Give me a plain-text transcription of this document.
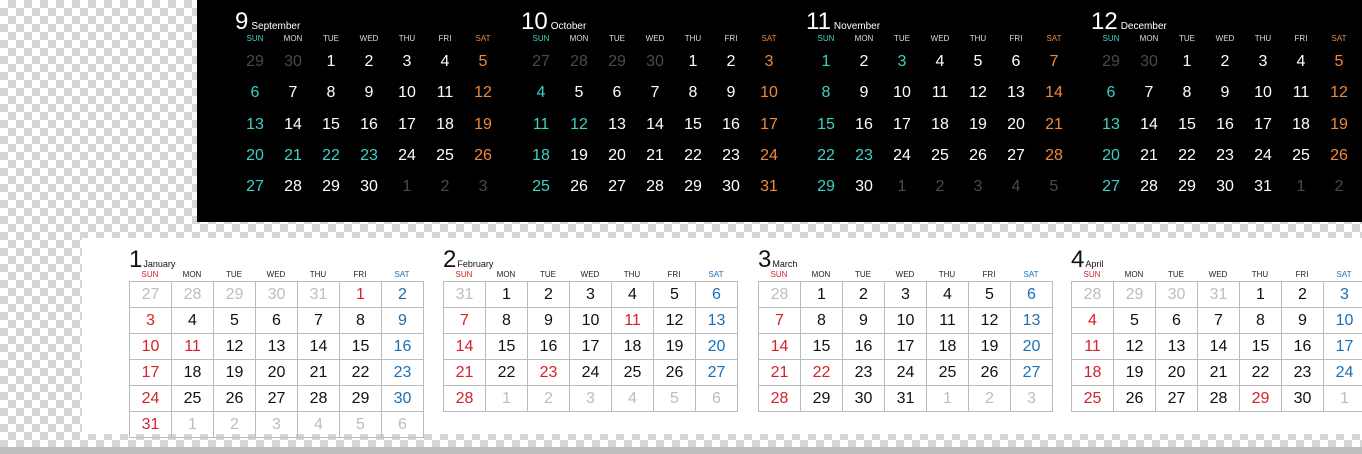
9 September
SUN	MON	TUE	WED	THU	FRI	SAT
29	30	1	2	3	4	5
6	7	8	9	10	11	12
13	14	15	16	17	18	19
20	21	22	23	24	25	26
27	28	29	30	1	2	3
10 October
SUN	MON	TUE	WED	THU	FRI	SAT
27	28	29	30	1	2	3
4	5	6	7	8	9	10
11	12	13	14	15	16	17
18	19	20	21	22	23	24
25	26	27	28	29	30	31
11 November
SUN	MON	TUE	WED	THU	FRI	SAT
1	2	3	4	5	6	7
8	9	10	11	12	13	14
15	16	17	18	19	20	21
22	23	24	25	26	27	28
29	30	1	2	3	4	5
12 December
SUN	MON	TUE	WED	THU	FRI	SAT
29	30	1	2	3	4	5
6	7	8	9	10	11	12
13	14	15	16	17	18	19
20	21	22	23	24	25	26
27	28	29	30	31	1	2
1January
SUN	MON	TUE	WED	THU	FRI	SAT
27	28	29	30	31	1	2
3	4	5	6	7	8	9
10	11	12	13	14	15	16
17	18	19	20	21	22	23
24	25	26	27	28	29	30
31	1	2	3	4	5	6
2February
SUN	MON	TUE	WED	THU	FRI	SAT
31	1	2	3	4	5	6
7	8	9	10	11	12	13
14	15	16	17	18	19	20
21	22	23	24	25	26	27
28	1	2	3	4	5	6
3March
SUN	MON	TUE	WED	THU	FRI	SAT
28	1	2	3	4	5	6
7	8	9	10	11	12	13
14	15	16	17	18	19	20
21	22	23	24	25	26	27
28	29	30	31	1	2	3
4April
SUN	MON	TUE	WED	THU	FRI	SAT
28	29	30	31	1	2	3
4	5	6	7	8	9	10
11	12	13	14	15	16	17
18	19	20	21	22	23	24
25	26	27	28	29	30	1
